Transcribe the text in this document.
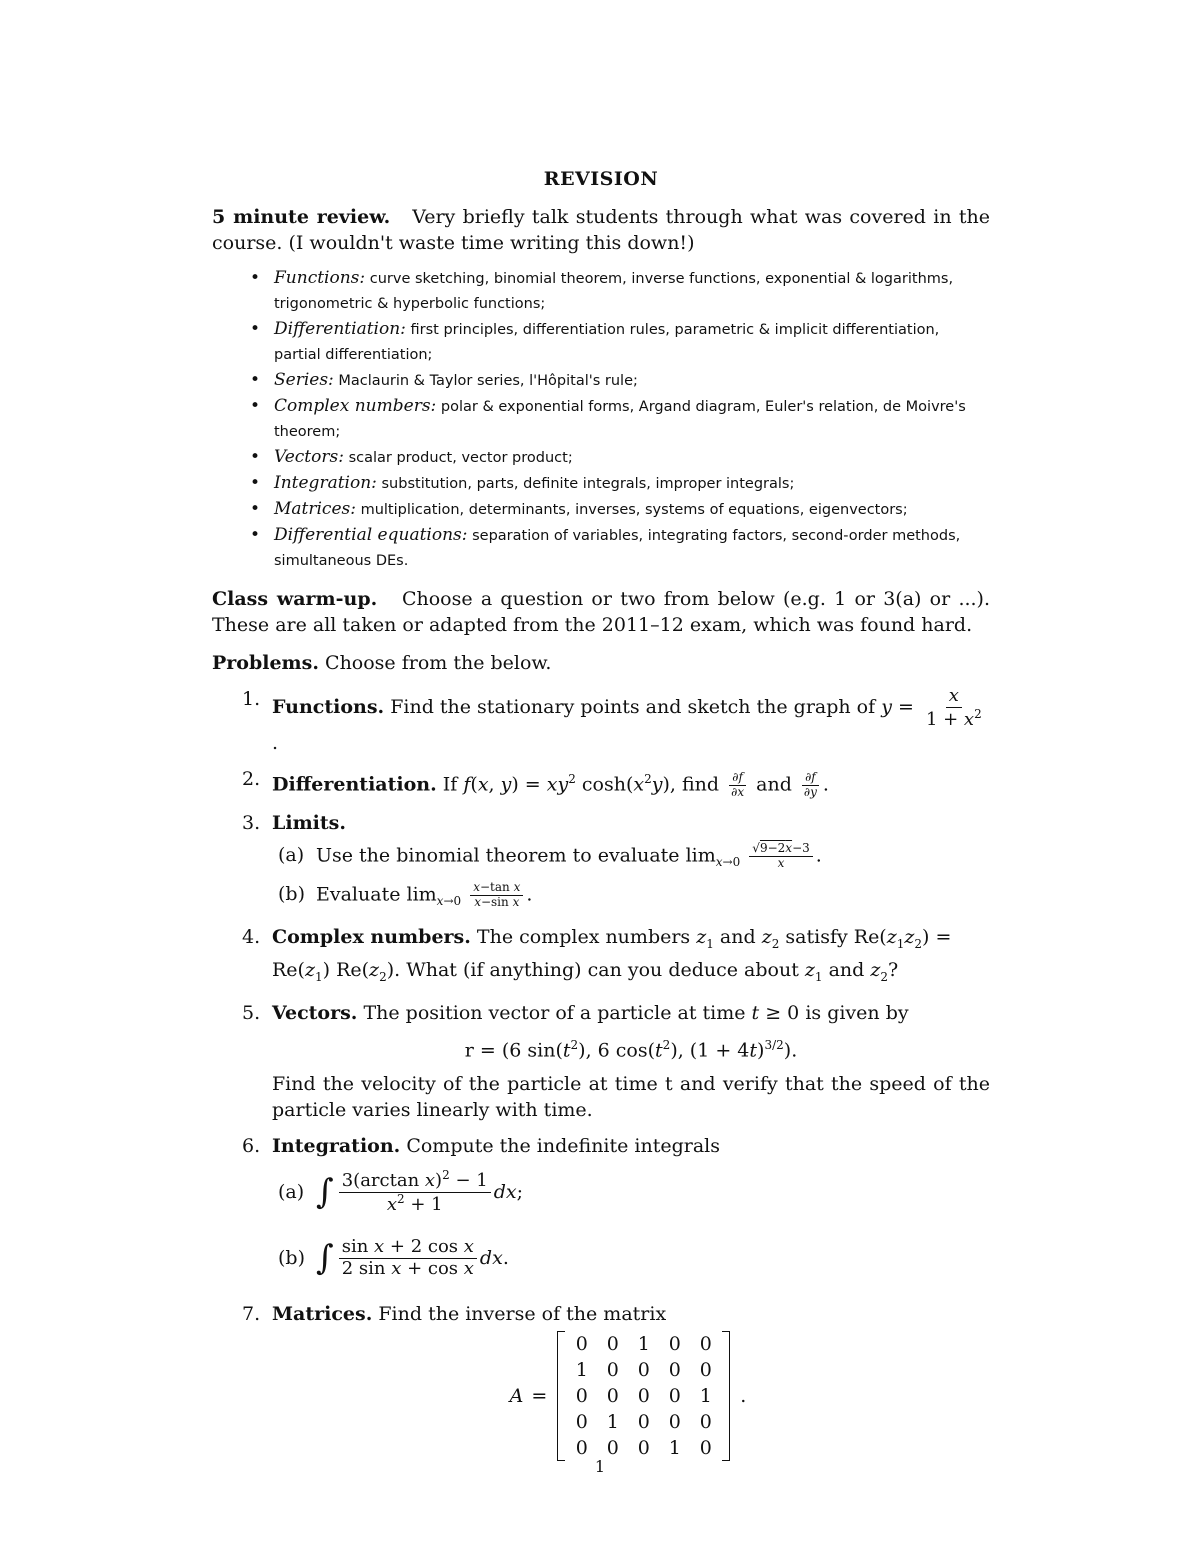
REVISION

5 minute review. Very briefly talk students through what was covered in the course. (I wouldn't waste time writing this down!)

• Functions: curve sketching, binomial theorem, inverse functions, exponential & logarithms, trigonometric & hyperbolic functions;
• Differentiation: first principles, differentiation rules, parametric & implicit differentiation, partial differentiation;
• Series: Maclaurin & Taylor series, l'Hôpital's rule;
• Complex numbers: polar & exponential forms, Argand diagram, Euler's relation, de Moivre's theorem;
• Vectors: scalar product, vector product;
• Integration: substitution, parts, definite integrals, improper integrals;
• Matrices: multiplication, determinants, inverses, systems of equations, eigenvectors;
• Differential equations: separation of variables, integrating factors, second-order methods, simultaneous DEs.

Class warm-up. Choose a question or two from below (e.g. 1 or 3(a) or ...). These are all taken or adapted from the 2011–12 exam, which was found hard.

Problems. Choose from the below.

1. Functions. Find the stationary points and sketch the graph of $y = \frac{x}{1 + x^2}$
.
2. Differentiation. If f(x, $y) = xy^2$ $\cosh(x^2y)$, find $\frac{\partial f}{\partial x}$ and $\frac{\partial f}{\partial y}$ .
3. Limits.
(a) Use the binomial theorem to evaluate $\lim_{x\to 0} \frac{√9-2x-3}{x}$ .
(b) Evaluate $\lim_{x\to 0} \frac{\text{x−tan x}}{\text{x−sin x}}$ .
4. Complex numbers. The complex numbers $z_1$ and $z_2$ satisfy $Re(z_1z_2) = Re(z_1)$ $Re(z_2)$. What (if anything) can you deduce about $z_1$ and $z_2$?
5. Vectors. The position vector of a particle at time t ≥ 0 is given by
r = (6 $\sin(t^2)$, 6 $\cos(t^2)$, $(1 + 4t)^{3/2}$).
Find the velocity of the particle at time t and verify that the speed of the particle varies linearly with time.
6. Integration. Compute the indefinite integrals
(a) ∫ $\frac{3(\arctan x)^2 - 1}{x^2 + 1}$ dx ;
(b) ∫ $\frac{\text{sin x + 2 cos x}}{\text{2 sin x + cos x}}$ dx .
7. Matrices. Find the inverse of the matrix
A =
0 0 1 0 0
1 0 0 0 0
0 0 0 0 1
0 1 0 0 0
0 0 0 1 0
.
1
